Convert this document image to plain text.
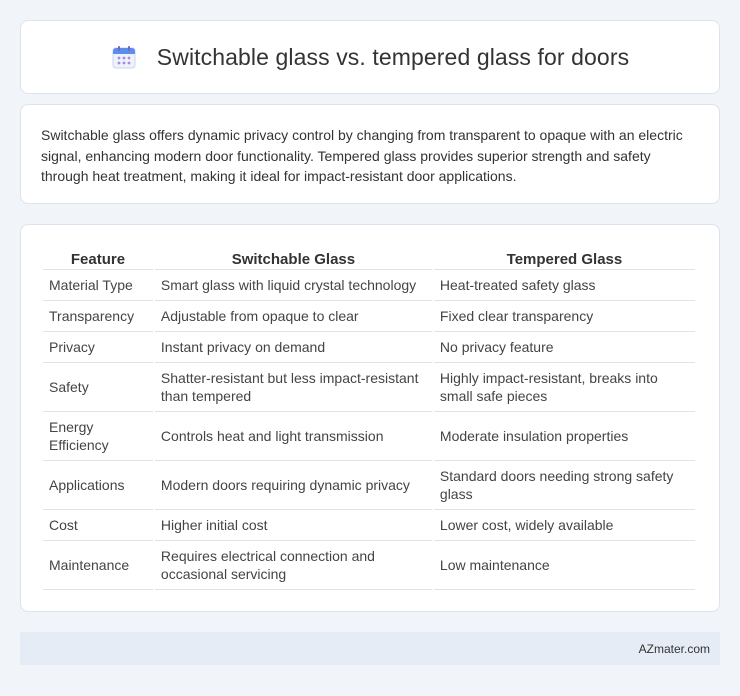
Switchable glass vs. tempered glass for doors

Switchable glass offers dynamic privacy control by changing from transparent to opaque with an electric signal, enhancing modern door functionality. Tempered glass provides superior strength and safety through heat treatment, making it ideal for impact-resistant door applications.

Feature	Switchable Glass	Tempered Glass
Material Type	Smart glass with liquid crystal technology	Heat-treated safety glass
Transparency	Adjustable from opaque to clear	Fixed clear transparency
Privacy	Instant privacy on demand	No privacy feature
Safety	Shatter-resistant but less impact-resistant than tempered	Highly impact-resistant, breaks into small safe pieces
Energy Efficiency	Controls heat and light transmission	Moderate insulation properties
Applications	Modern doors requiring dynamic privacy	Standard doors needing strong safety glass
Cost	Higher initial cost	Lower cost, widely available
Maintenance	Requires electrical connection and occasional servicing	Low maintenance
AZmater.com
